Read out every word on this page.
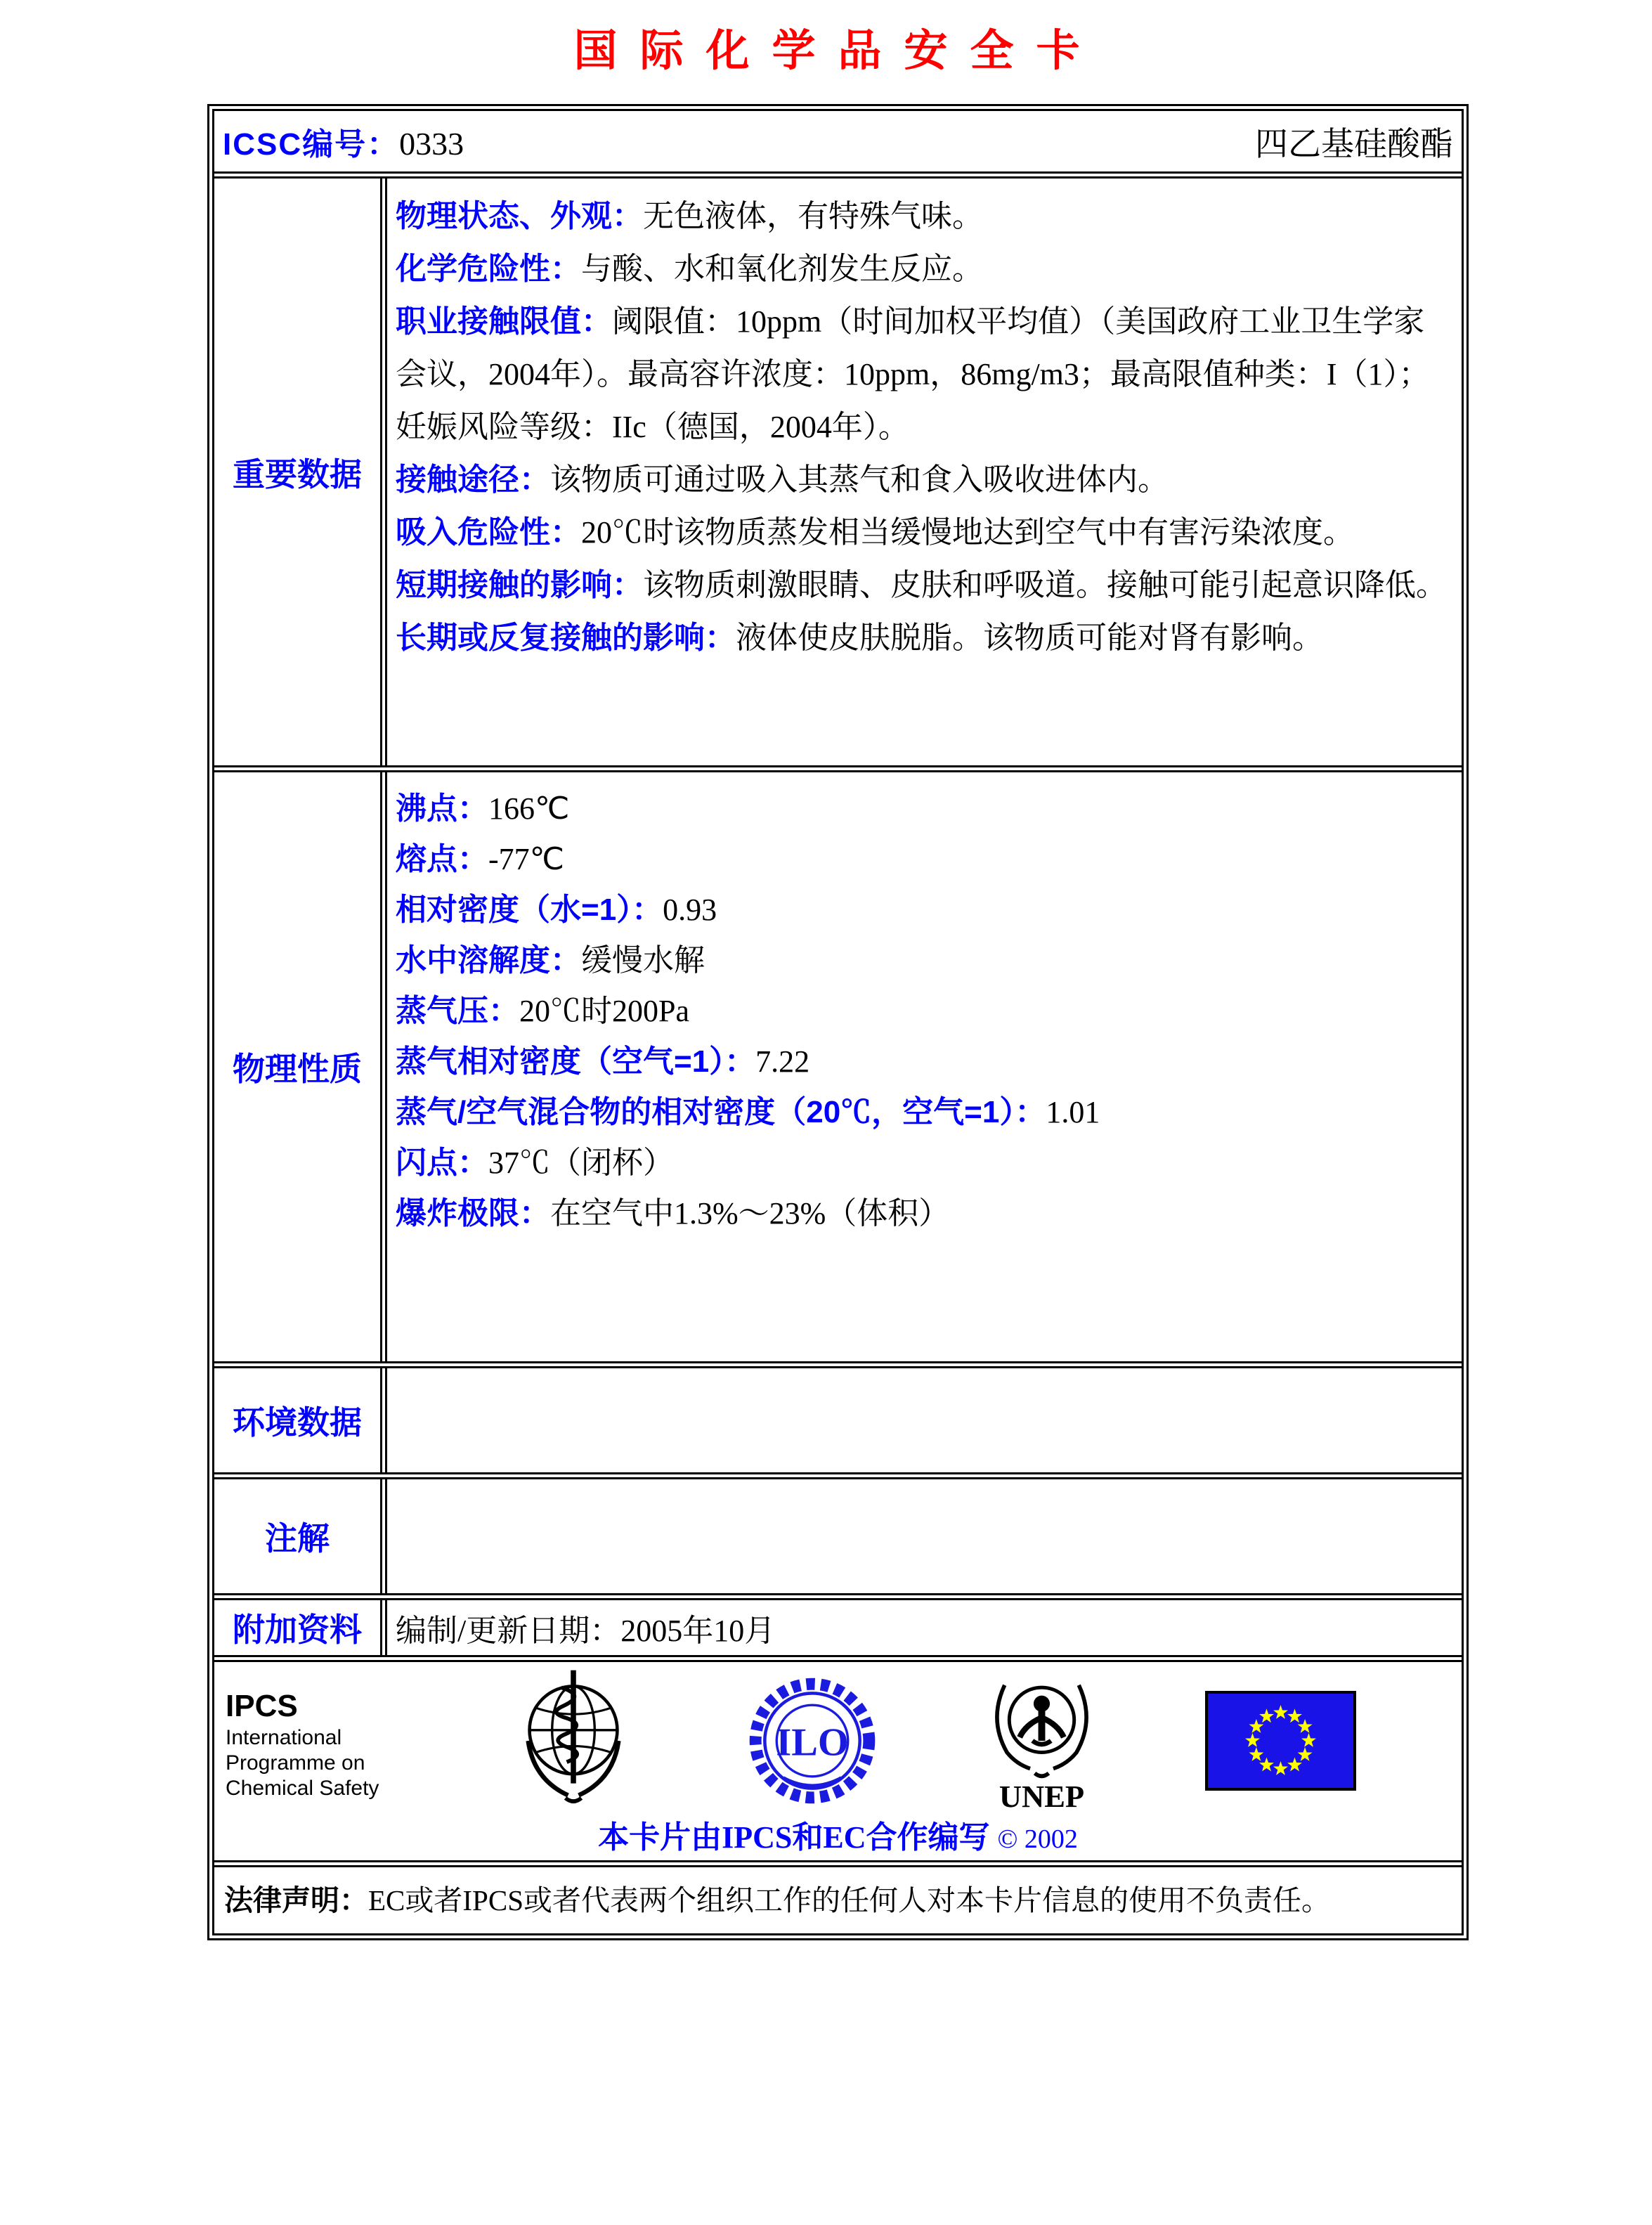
国际化学品安全卡
ICSC编号：0333	四乙基硅酸酯
重要数据

物理状态、外观：无色液体，有特殊气味。

化学危险性：与酸、水和氧化剂发生反应。

职业接触限值：阈限值：10ppm（时间加权平均值）（美国政府工业卫生学家会议，2004年）。最高容许浓度：10ppm，86mg/m3；最高限值种类：I（1）；妊娠风险等级：IIc（德国，2004年）。

接触途径：该物质可通过吸入其蒸气和食入吸收进体内。

吸入危险性：20℃时该物质蒸发相当缓慢地达到空气中有害污染浓度。

短期接触的影响：该物质刺激眼睛、皮肤和呼吸道。接触可能引起意识降低。

长期或反复接触的影响：液体使皮肤脱脂。该物质可能对肾有影响。

物理性质

沸点：166℃

熔点：-77℃

相对密度（水=1）：0.93

水中溶解度：缓慢水解

蒸气压：20℃时200Pa

蒸气相对密度（空气=1）：7.22

蒸气/空气混合物的相对密度（20℃，空气=1）：1.01

闪点：37℃（闭杯）

爆炸极限：在空气中1.3%～23%（体积）

环境数据
注解
附加资料	编制/更新日期：2005年10月
IPCS
International
Programme on
Chemical Safety
ILO
UNEP
本卡片由IPCS和EC合作编写 © 2002
法律声明：EC或者IPCS或者代表两个组织工作的任何人对本卡片信息的使用不负责任。
